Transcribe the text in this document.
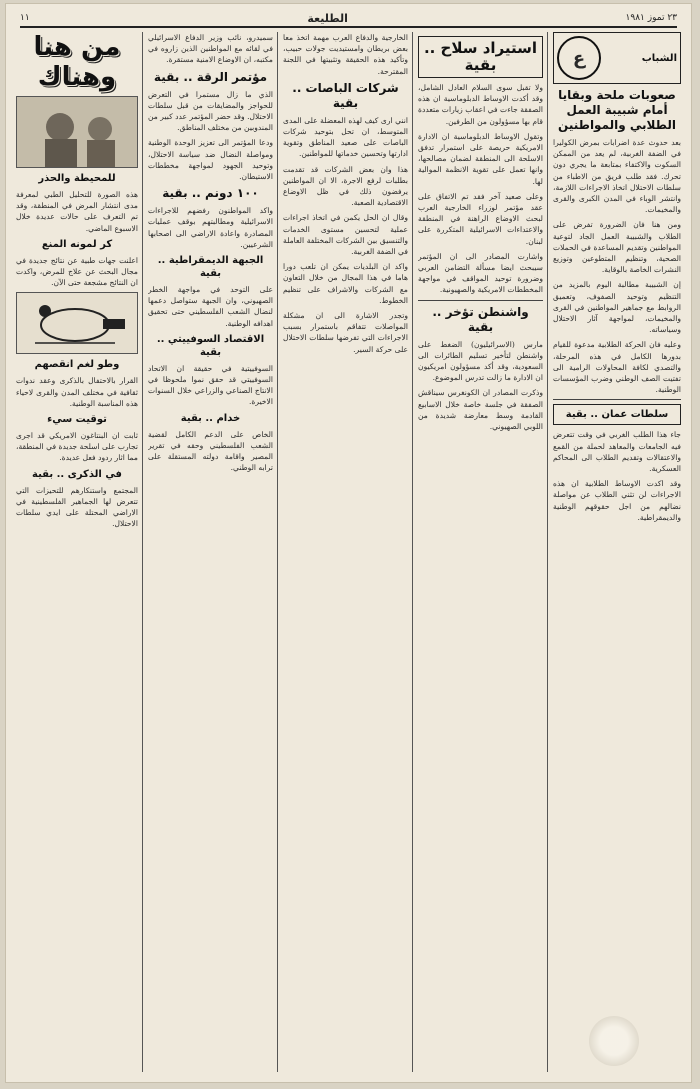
٢٣ تموز ١٩٨١
الطليعة
١١
الشباب
ع
صعوبات ملحة وبقايا أمام شبيبة العمل الطلابي والمواطنين

بعد حدوث عدة اضرابات بمرض الكوليرا في الضفة الغربية، لم يعد من الممكن السكوت والاكتفاء بمتابعة ما يجري دون تحرك. فقد طلب فريق من الاطباء من سلطات الاحتلال اتخاذ الاجراءات اللازمة، وانتشر الوباء في المدن الكبرى والقرى والمخيمات.

ومن هنا فان الضرورة تفرض على الطلاب والشبيبة العمل الجاد لتوعية المواطنين وتقديم المساعدة في الحملات الصحية، وتنظيم المتطوعين وتوزيع النشرات الخاصة بالوقاية.

إن الشبيبة مطالبة اليوم بالمزيد من التنظيم وتوحيد الصفوف، وتعميق الروابط مع جماهير المواطنين في القرى والمخيمات، لمواجهة آثار الاحتلال وسياساته.

وعليه فان الحركة الطلابية مدعوة للقيام بدورها الكامل في هذه المرحلة، والتصدي لكافة المحاولات الرامية الى تفتيت الصف الوطني وضرب المؤسسات الوطنية.

سلطات عمان .. بقية

جاء هذا الطلب الغربي في وقت تتعرض فيه الجامعات والمعاهد لحملة من القمع والاعتقالات وتقديم الطلاب الى المحاكم العسكرية.

وقد اكدت الاوساط الطلابية ان هذه الاجراءات لن تثني الطلاب عن مواصلة نضالهم من اجل حقوقهم الوطنية والديمقراطية.

استيراد سلاح .. بقية

ولا تقبل سوى السلام العادل الشامل، وقد أكدت الاوساط الدبلوماسية ان هذه الصفقة جاءت في اعقاب زيارات متعددة قام بها مسؤولون من الطرفين.

وتقول الاوساط الدبلوماسية ان الادارة الامريكية حريصة على استمرار تدفق الاسلحة الى المنطقة لضمان مصالحها، وانها تعمل على تقوية الانظمة الموالية لها.

وعلى صعيد آخر فقد تم الاتفاق على عقد مؤتمر لوزراء الخارجية العرب لبحث الاوضاع الراهنة في المنطقة والاعتداءات الاسرائيلية المتكررة على لبنان.

واشارت المصادر الى ان المؤتمر سيبحث ايضا مسألة التضامن العربي وضرورة توحيد المواقف في مواجهة المخططات الامريكية والصهيونية.

واشنطن تؤخر .. بقية

مارس (الاسرائيليون) الضغط على واشنطن لتأخير تسليم الطائرات الى السعودية، وقد أكد مسؤولون امريكيون ان الادارة ما زالت تدرس الموضوع.

وذكرت المصادر ان الكونغرس سيناقش الصفقة في جلسة خاصة خلال الاسابيع القادمة وسط معارضة شديدة من اللوبي الصهيوني.

الخارجية والدفاع العرب مهمة اتخذ معا بعض بريطان وامستيديت جولات حبيب، وتأكيد هذه الحقيقة وتثبيتها في اللجنة المقترحة.

شركات الباصات .. بقية

انني ارى كيف لهذه المعضلة على المدى المتوسط، ان تحل بتوحيد شركات الباصات على صعيد المناطق وتقوية ادارتها وتحسين خدماتها للمواطنين.

هذا وان بعض الشركات قد تقدمت بطلبات لرفع الاجرة، الا ان المواطنين يرفضون ذلك في ظل الاوضاع الاقتصادية الصعبة.

وقال ان الحل يكمن في اتخاذ اجراءات عملية لتحسين مستوى الخدمات والتنسيق بين الشركات المختلفة العاملة في الضفة الغربية.

واكد ان البلديات يمكن ان تلعب دورا هاما في هذا المجال من خلال التعاون مع الشركات والاشراف على تنظيم الخطوط.

وتجدر الاشارة الى ان مشكلة المواصلات تتفاقم باستمرار بسبب الاجراءات التي تفرضها سلطات الاحتلال على حركة السير.

سميدرو، نائب وزير الدفاع الاسرائيلي في لقائه مع المواطنين الذين زاروه في مكتبه، ان الاوضاع الامنية مستقرة.

مؤتمر الرقة .. بقية

الذي ما زال مستمرا في التعرض للحواجز والمضايقات من قبل سلطات الاحتلال. وقد حضر المؤتمر عدد كبير من المندوبين من مختلف المناطق.

ودعا المؤتمر الى تعزيز الوحدة الوطنية ومواصلة النضال ضد سياسة الاحتلال، وتوحيد الجهود لمواجهة مخططات الاستيطان.

١٠٠ دونم .. بقية

واكد المواطنون رفضهم للاجراءات الاسرائيلية ومطالبتهم بوقف عمليات المصادرة واعادة الاراضي الى اصحابها الشرعيين.

الجبهة الديمقراطية .. بقية

على التوحد في مواجهة الخطر الصهيوني، وان الجبهة ستواصل دعمها لنضال الشعب الفلسطيني حتى تحقيق اهدافه الوطنية.

الاقتصاد السوفييتي .. بقية

السوفييتية في حقيقة ان الاتحاد السوفييتي قد حقق نموا ملحوظا في الانتاج الصناعي والزراعي خلال السنوات الاخيرة.

خدام .. بقية

الخاص على الدعم الكامل لقضية الشعب الفلسطيني وحقه في تقرير المصير واقامة دولته المستقلة على ترابه الوطني.

من هنا وهناك
للمحيطة والحذر

هذه الصورة للتحليل الطبي لمعرفة مدى انتشار المرض في المنطقة، وقد تم التعرف على حالات عديدة خلال الاسبوع الماضي.

كر لمونه المنع

اعلنت جهات طبية عن نتائج جديدة في مجال البحث عن علاج للمرض، واكدت ان النتائج مشجعة حتى الآن.

وطو لغم انقصهم

القرار بالاحتفال بالذكرى وعقد ندوات ثقافية في مختلف المدن والقرى لاحياء هذه المناسبة الوطنية.

توقيت سيء

ثابت ان البنتاغون الامريكي قد اجرى تجارب على اسلحة جديدة في المنطقة، مما اثار ردود فعل عديدة.

في الذكرى .. بقية

المجتمع واستنكارهم للتحيزات التي تتعرض لها الجماهير الفلسطينية في الاراضي المحتلة على ايدي سلطات الاحتلال.
